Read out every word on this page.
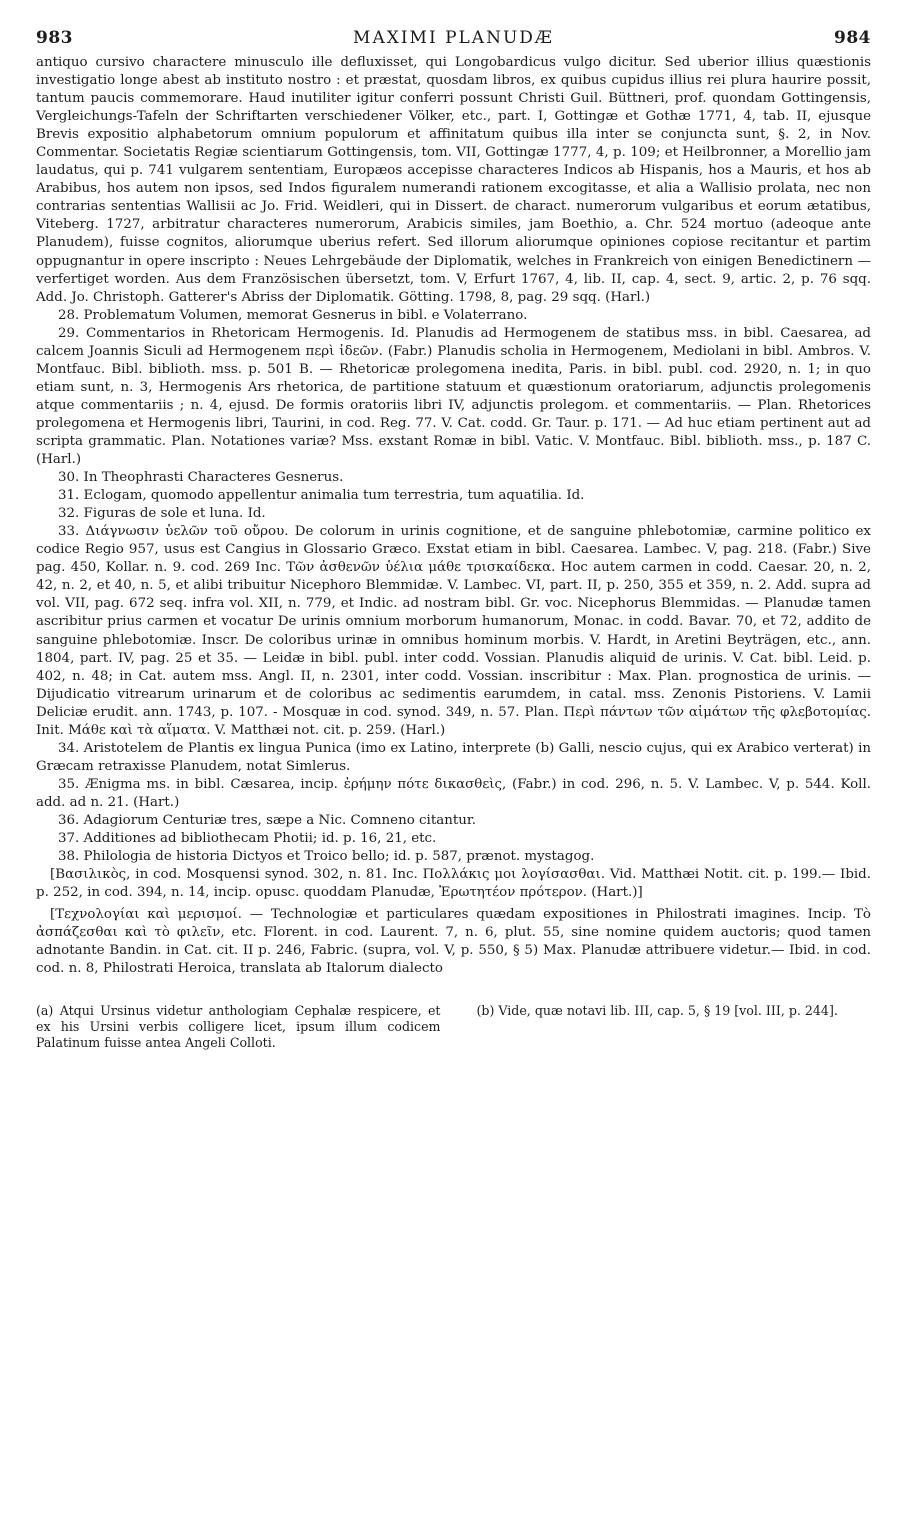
983	MAXIMI PLANUDÆ	984

antiquo cursivo charactere minusculo ille defluxisset, qui Longobardicus vulgo dicitur. Sed uberior illius quæstionis investigatio longe abest ab instituto nostro : et præstat, quosdam libros, ex quibus cupidus illius rei plura haurire possit, tantum paucis commemorare. Haud inutiliter igitur conferri possunt Christi Guil. Büttneri, prof. quondam Gottingensis, Vergleichungs-Tafeln der Schriftarten verschiedener Völker, etc., part. I, Gottingæ et Gothæ 1771, 4, tab. II, ejusque Brevis expositio alphabetorum omnium populorum et affinitatum quibus illa inter se conjuncta sunt, §. 2, in Nov. Commentar. Societatis Regiæ scientiarum Gottingensis, tom. VII, Gottingæ 1777, 4, p. 109; et Heilbronner, a Morellio jam laudatus, qui p. 741 vulgarem sententiam, Europæos accepisse characteres Indicos ab Hispanis, hos a Mauris, et hos ab Arabibus, hos autem non ipsos, sed Indos figuralem numerandi rationem excogitasse, et alia a Wallisio prolata, nec non contrarias sententias Wallisii ac Jo. Frid. Weidleri, qui in Dissert. de charact. numerorum vulgaribus et eorum ætatibus, Viteberg. 1727, arbitratur characteres numerorum, Arabicis similes, jam Boethio, a. Chr. 524 mortuo (adeoque ante Planudem), fuisse cognitos, aliorumque uberius refert. Sed illorum aliorumque opiniones copiose recitantur et partim oppugnantur in opere inscripto : Neues Lehrgebäude der Diplomatik, welches in Frankreich von einigen Benedictinern — verfertiget worden. Aus dem Französischen übersetzt, tom. V, Erfurt 1767, 4, lib. II, cap. 4, sect. 9, artic. 2, p. 76 sqq. Add. Jo. Christoph. Gatterer's Abriss der Diplomatik. Götting. 1798, 8, pag. 29 sqq. (Harl.)

28. Problematum Volumen, memorat Gesnerus in bibl. e Volaterrano.

29. Commentarios in Rhetoricam Hermogenis. Id. Planudis ad Hermogenem de statibus mss. in bibl. Caesarea, ad calcem Joannis Siculi ad Hermogenem περὶ ἰδεῶν. (Fabr.) Planudis scholia in Hermogenem, Mediolani in bibl. Ambros. V. Montfauc. Bibl. biblioth. mss. p. 501 B. — Rhetoricæ prolegomena inedita, Paris. in bibl. publ. cod. 2920, n. 1; in quo etiam sunt, n. 3, Hermogenis Ars rhetorica, de partitione statuum et quæstionum oratoriarum, adjunctis prolegomenis atque commentariis ; n. 4, ejusd. De formis oratoriis libri IV, adjunctis prolegom. et commentariis. — Plan. Rhetorices prolegomena et Hermogenis libri, Taurini, in cod. Reg. 77. V. Cat. codd. Gr. Taur. p. 171. — Ad huc etiam pertinent aut ad scripta grammatic. Plan. Notationes variæ? Mss. exstant Romæ in bibl. Vatic. V. Montfauc. Bibl. biblioth. mss., p. 187 C. (Harl.)

30. In Theophrasti Characteres Gesnerus.

31. Eclogam, quomodo appellentur animalia tum terrestria, tum aquatilia. Id.

32. Figuras de sole et luna. Id.

33. Διάγνωσιν ὑελῶν τοῦ οὔρου. De colorum in urinis cognitione, et de sanguine phlebotomiæ, carmine politico ex codice Regio 957, usus est Cangius in Glossario Græco. Exstat etiam in bibl. Caesarea. Lambec. V, pag. 218. (Fabr.) Sive pag. 450, Kollar. n. 9. cod. 269 Inc. Τῶν ἀσθενῶν ὑέλια μάθε τρισκαίδεκα. Hoc autem carmen in codd. Caesar. 20, n. 2, 42, n. 2, et 40, n. 5, et alibi tribuitur Nicephoro Blemmidæ. V. Lambec. VI, part. II, p. 250, 355 et 359, n. 2. Add. supra ad vol. VII, pag. 672 seq. infra vol. XII, n. 779, et Indic. ad nostram bibl. Gr. voc. Nicephorus Blemmidas. — Planudæ tamen ascribitur prius carmen et vocatur De urinis omnium morborum humanorum, Monac. in codd. Bavar. 70, et 72, addito de sanguine phlebotomiæ. Inscr. De coloribus urinæ in omnibus hominum morbis. V. Hardt, in Aretini Beyträgen, etc., ann. 1804, part. IV, pag. 25 et 35. — Leidæ in bibl. publ. inter codd. Vossian. Planudis aliquid de urinis. V. Cat. bibl. Leid. p. 402, n. 48; in Cat. autem mss. Angl. II, n. 2301, inter codd. Vossian. inscribitur : Max. Plan. prognostica de urinis. — Dijudicatio vitrearum urinarum et de coloribus ac sedimentis earumdem, in catal. mss. Zenonis Pistoriens. V. Lamii Deliciæ erudit. ann. 1743, p. 107. - Mosquæ in cod. synod. 349, n. 57. Plan. Περὶ πάντων τῶν αἱμάτων τῆς φλεβοτομίας. Init. Μάθε καὶ τὰ αἵματα. V. Matthæi not. cit. p. 259. (Harl.)

34. Aristotelem de Plantis ex lingua Punica (imo ex Latino, interprete (b) Galli, nescio cujus, qui ex Arabico verterat) in Græcam retraxisse Planudem, notat Simlerus.

35. Ænigma ms. in bibl. Cæsarea, incip. ἐρήμην πότε δικασθεὶς, (Fabr.) in cod. 296, n. 5. V. Lambec. V, p. 544. Koll. add. ad n. 21. (Hart.)

36. Adagiorum Centuriæ tres, sæpe a Nic. Comneno citantur.

37. Additiones ad bibliothecam Photii; id. p. 16, 21, etc.

38. Philologia de historia Dictyos et Troico bello; id. p. 587, prænot. mystagog.

[Βασιλικὸς, in cod. Mosquensi synod. 302, n. 81. Inc. Πολλάκις μοι λογίσασθαι. Vid. Matthæi Notit. cit. p. 199.— Ibid. p. 252, in cod. 394, n. 14, incip. opusc. quoddam Planudæ, Ἐρωτητέον πρότερον. (Hart.)]

[Τεχνολογίαι καὶ μερισμοί. — Technologiæ et particulares quædam expositiones in Philostrati imagines. Incip. Τὸ ἀσπάζεσθαι καὶ τὸ φιλεῖν, etc. Florent. in cod. Laurent. 7, n. 6, plut. 55, sine nomine quidem auctoris; quod tamen adnotante Bandin. in Cat. cit. II p. 246, Fabric. (supra, vol. V, p. 550, § 5) Max. Planudæ attribuere videtur.— Ibid. in cod. cod. n. 8, Philostrati Heroica, translata ab Italorum dialecto

(a) Atqui Ursinus videtur anthologiam Cephalæ respicere, et ex his Ursini verbis colligere licet, ipsum illum codicem Palatinum fuisse antea Angeli Colloti.
(b) Vide, quæ notavi lib. III, cap. 5, § 19 [vol. III, p. 244].
